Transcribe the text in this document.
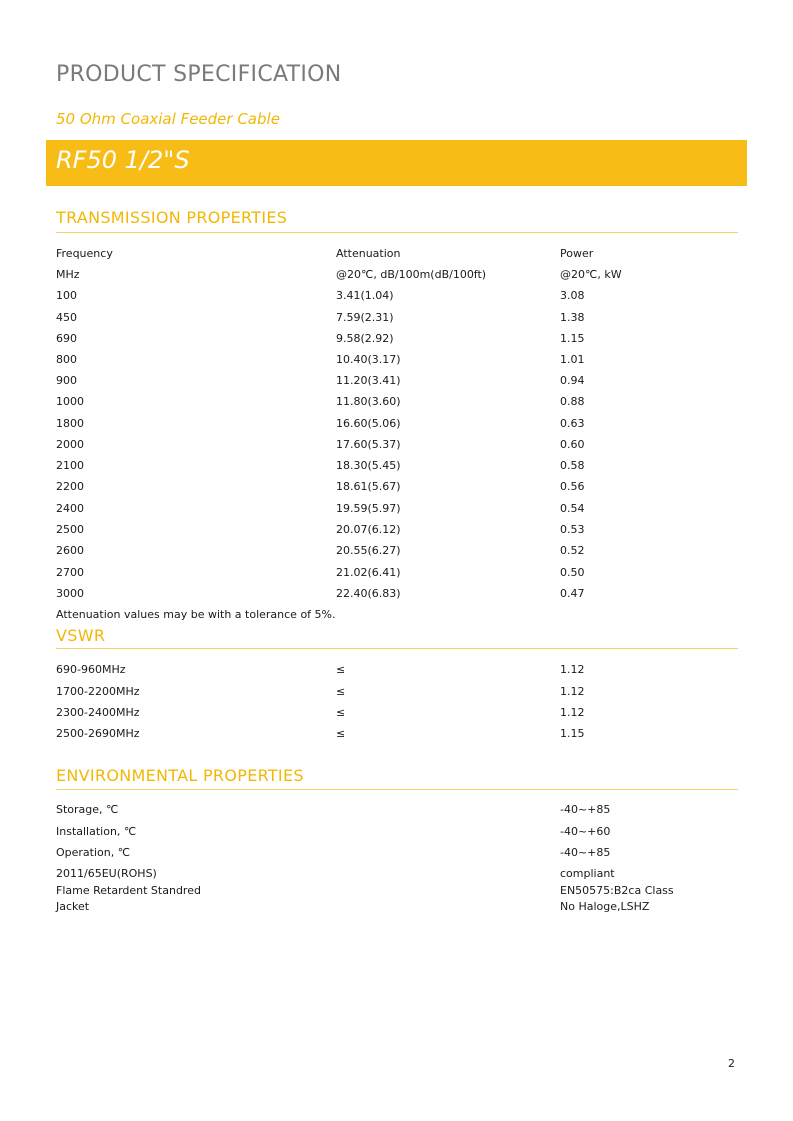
PRODUCT SPECIFICATION
50 Ohm Coaxial Feeder Cable
RF50 1/2"S
TRANSMISSION PROPERTIES
Frequency	Attenuation	Power
MHz	@20℃, dB/100m(dB/100ft)	@20℃, kW
100	3.41(1.04)	3.08
450	7.59(2.31)	1.38
690	9.58(2.92)	1.15
800	10.40(3.17)	1.01
900	11.20(3.41)	0.94
1000	11.80(3.60)	0.88
1800	16.60(5.06)	0.63
2000	17.60(5.37)	0.60
2100	18.30(5.45)	0.58
2200	18.61(5.67)	0.56
2400	19.59(5.97)	0.54
2500	20.07(6.12)	0.53
2600	20.55(6.27)	0.52
2700	21.02(6.41)	0.50
3000	22.40(6.83)	0.47
Attenuation values may be with a tolerance of 5%.
VSWR
690-960MHz	≤	1.12
1700-2200MHz	≤	1.12
2300-2400MHz	≤	1.12
2500-2690MHz	≤	1.15
ENVIRONMENTAL PROPERTIES
Storage, ℃	-40~+85
Installation, ℃	-40~+60
Operation, ℃	-40~+85
2011/65EU(ROHS)	compliant
Flame Retardent Standred	EN50575:B2ca Class
Jacket	No Haloge,LSHZ
2
